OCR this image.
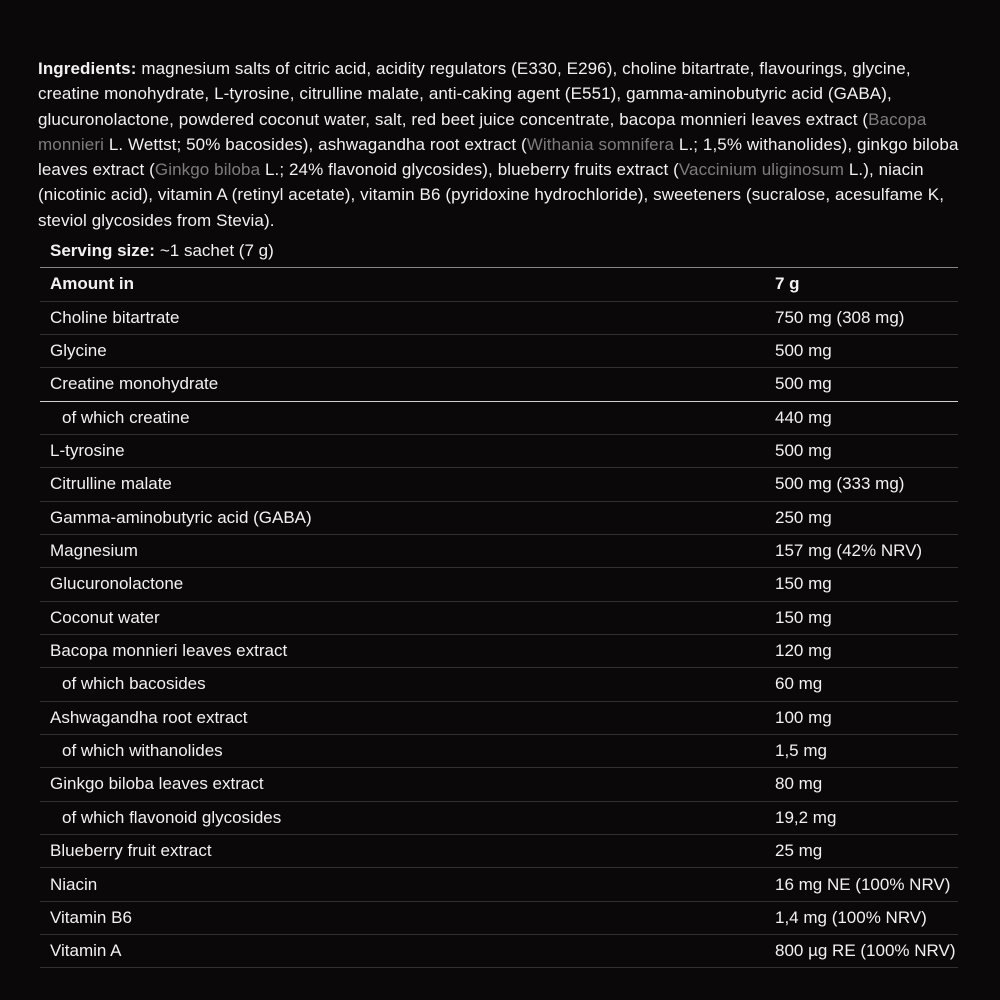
Ingredients: magnesium salts of citric acid, acidity regulators (E330, E296), choline bitartrate, flavourings, glycine,
creatine monohydrate, L-tyrosine, citrulline malate, anti-caking agent (E551), gamma-aminobutyric acid (GABA),
glucuronolactone, powdered coconut water, salt, red beet juice concentrate, bacopa monnieri leaves extract (Bacopa
monnieri L. Wettst; 50% bacosides), ashwagandha root extract (Withania somnifera L.; 1,5% withanolides), ginkgo biloba
leaves extract (Ginkgo biloba L.; 24% flavonoid glycosides), blueberry fruits extract (Vaccinium uliginosum L.), niacin
(nicotinic acid), vitamin A (retinyl acetate), vitamin B6 (pyridoxine hydrochloride), sweeteners (sucralose, acesulfame K,
steviol glycosides from Stevia).

Serving size: ~1 sachet (7 g)
Amount in	7 g
Choline bitartrate	750 mg (308 mg)
Glycine	500 mg
Creatine monohydrate	500 mg
of which creatine	440 mg
L-tyrosine	500 mg
Citrulline malate	500 mg (333 mg)
Gamma-aminobutyric acid (GABA)	250 mg
Magnesium	157 mg (42% NRV)
Glucuronolactone	150 mg
Coconut water	150 mg
Bacopa monnieri leaves extract	120 mg
of which bacosides	60 mg
Ashwagandha root extract	100 mg
of which withanolides	1,5 mg
Ginkgo biloba leaves extract	80 mg
of which flavonoid glycosides	19,2 mg
Blueberry fruit extract	25 mg
Niacin	16 mg NE (100% NRV)
Vitamin B6	1,4 mg (100% NRV)
Vitamin A	800 µg RE (100% NRV)
